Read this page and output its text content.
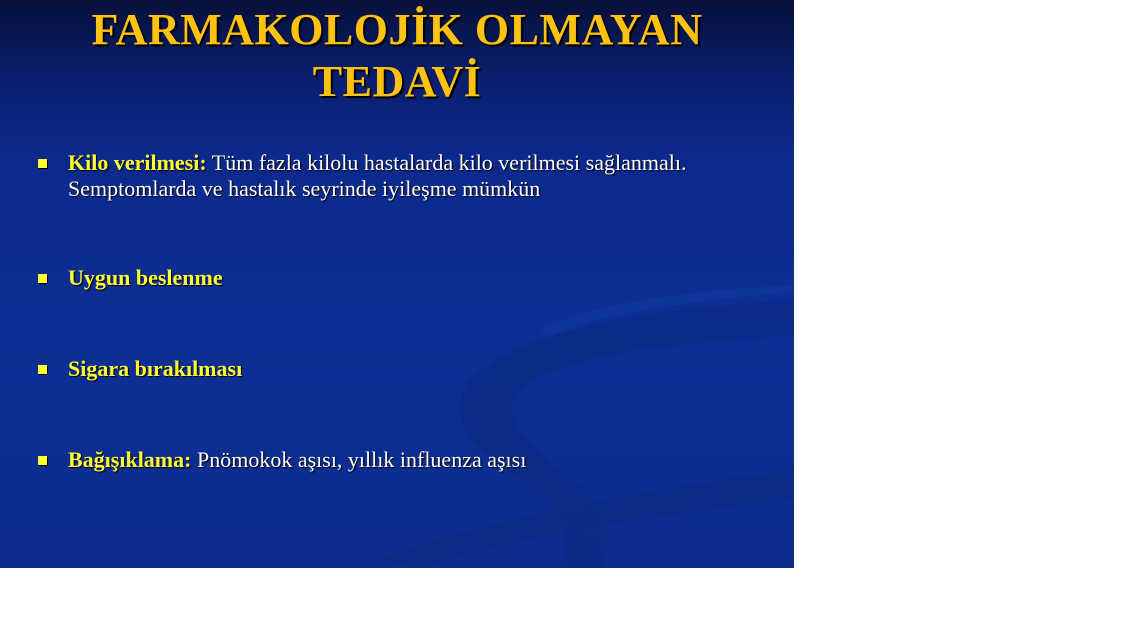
FARMAKOLOJİK OLMAYAN
TEDAVİ
Kilo verilmesi: Tüm fazla kilolu hastalarda kilo verilmesi sağlanmalı. Semptomlarda ve hastalık seyrinde iyileşme mümkün
Uygun beslenme
Sigara bırakılması
Bağışıklama: Pnömokok aşısı, yıllık influenza aşısı
